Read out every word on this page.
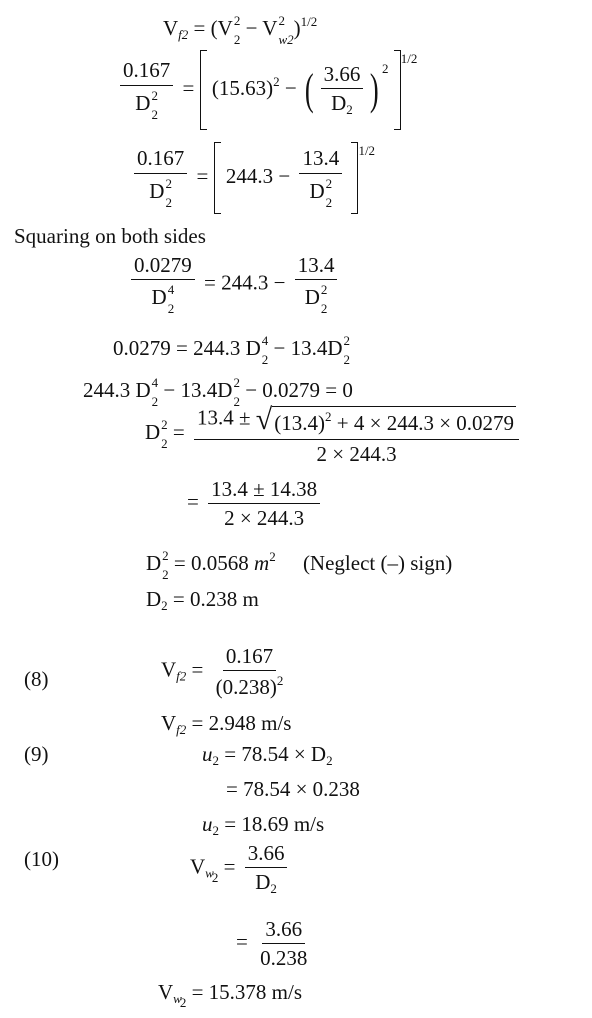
$V_{f2} = (V$ 2
2 − V 2
w2 )$^{1/2}$
0.167
D 2
$2 = (15.63)^2$ − ( $\frac{3.66}{D_2}$ ) $^2$ $^{1/2}$
0.167
D 2
2 = 244.3 − 13.4
D 2
2 $^{1/2}$
Squaring on both sides
0.0279
D 4
2 = 244.3 − 13.4
D 2
2
0.0279 = 244.3 D 4
2 − 13.4D 2
2
244.3 D 4
2 − 13.4D 2
2 − 0.0279 = 0
D 2
$2 = \frac{13.4 \pm √(13.4)^2 + 4 \times 244.3 \times 0.0279}{2 \times 244.3}$
= $\frac{13.4 \pm 14.38}{2 \times 244.3}$
D 2
2 = 0.0568 $m^2$ (Neglect (–) sign)
$D_2 = 0.238$ m
(8)	$V_{f2} = \frac{0.167}{(0.238)^2}$
$V_{f2} = 2.948$ m/s
(9)	$u_2 = 78.54 \times D_2$
= 78.54 × 0.238
$u_2 = 18.69$ m/s
(10)	$V_{w2} = \frac{3.66}{D_2}$
= $\frac{3.66}{0.238}$
$V_{w2} = 15.378$ m/s
